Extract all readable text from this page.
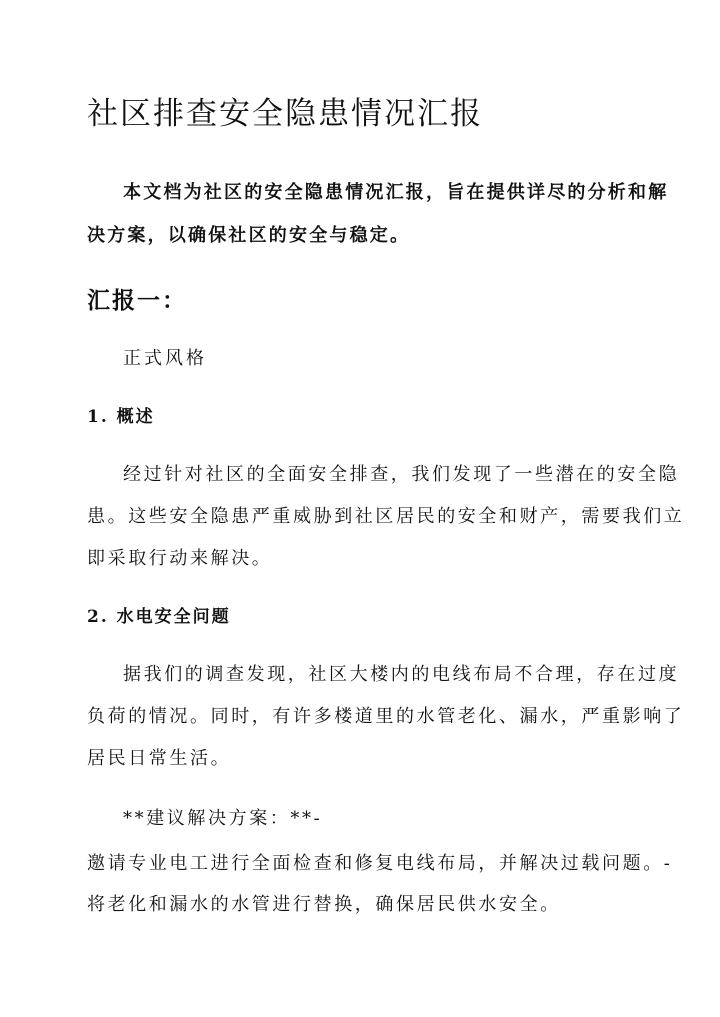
社区排查安全隐患情况汇报

本文档为社区的安全隐患情况汇报，旨在提供详尽的分析和解

决方案，以确保社区的安全与稳定。

汇报一：

正式风格

1. 概述

经过针对社区的全面安全排查，我们发现了一些潜在的安全隐

患。这些安全隐患严重威胁到社区居民的安全和财产，需要我们立

即采取行动来解决。

2. 水电安全问题

据我们的调查发现，社区大楼内的电线布局不合理，存在过度

负荷的情况。同时，有许多楼道里的水管老化、漏水，严重影响了

居民日常生活。

**建议解决方案：**-

邀请专业电工进行全面检查和修复电线布局，并解决过载问题。-

将老化和漏水的水管进行替换，确保居民供水安全。
